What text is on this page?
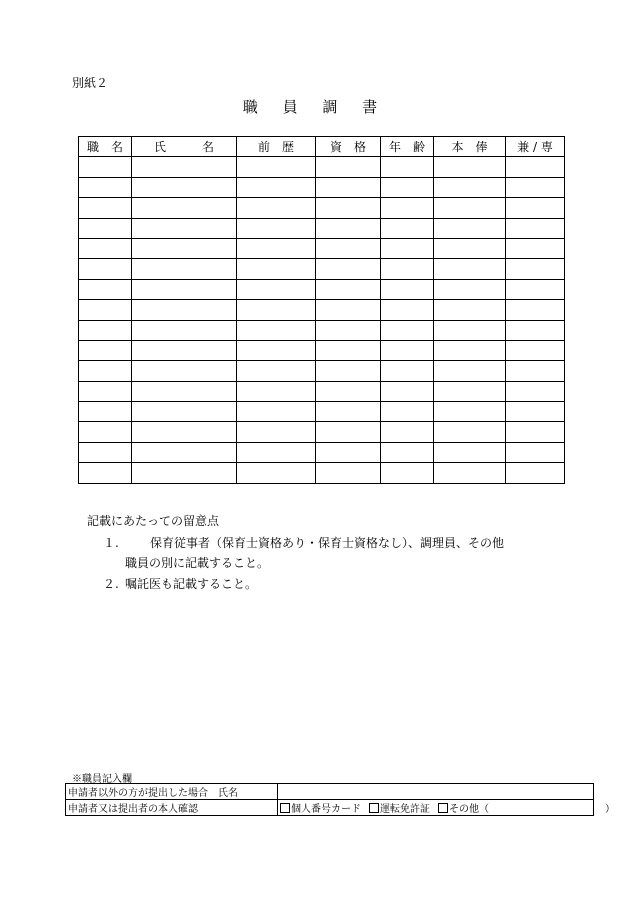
別紙２
職 員 調 書
職　名	氏　　　名	前　歴	資　格	年　齢	本　俸	兼 / 専

記載にあたっての留意点
１.	保育従事者（保育士資格あり・保育士資格なし）、調理員、その他
職員の別に記載すること。
２. 嘱託医も記載すること。
※職員記入欄
申請者以外の方が提出した場合　氏名	
申請者又は提出者の本人確認	個人番号カード 運転免許証 その他（ ）
